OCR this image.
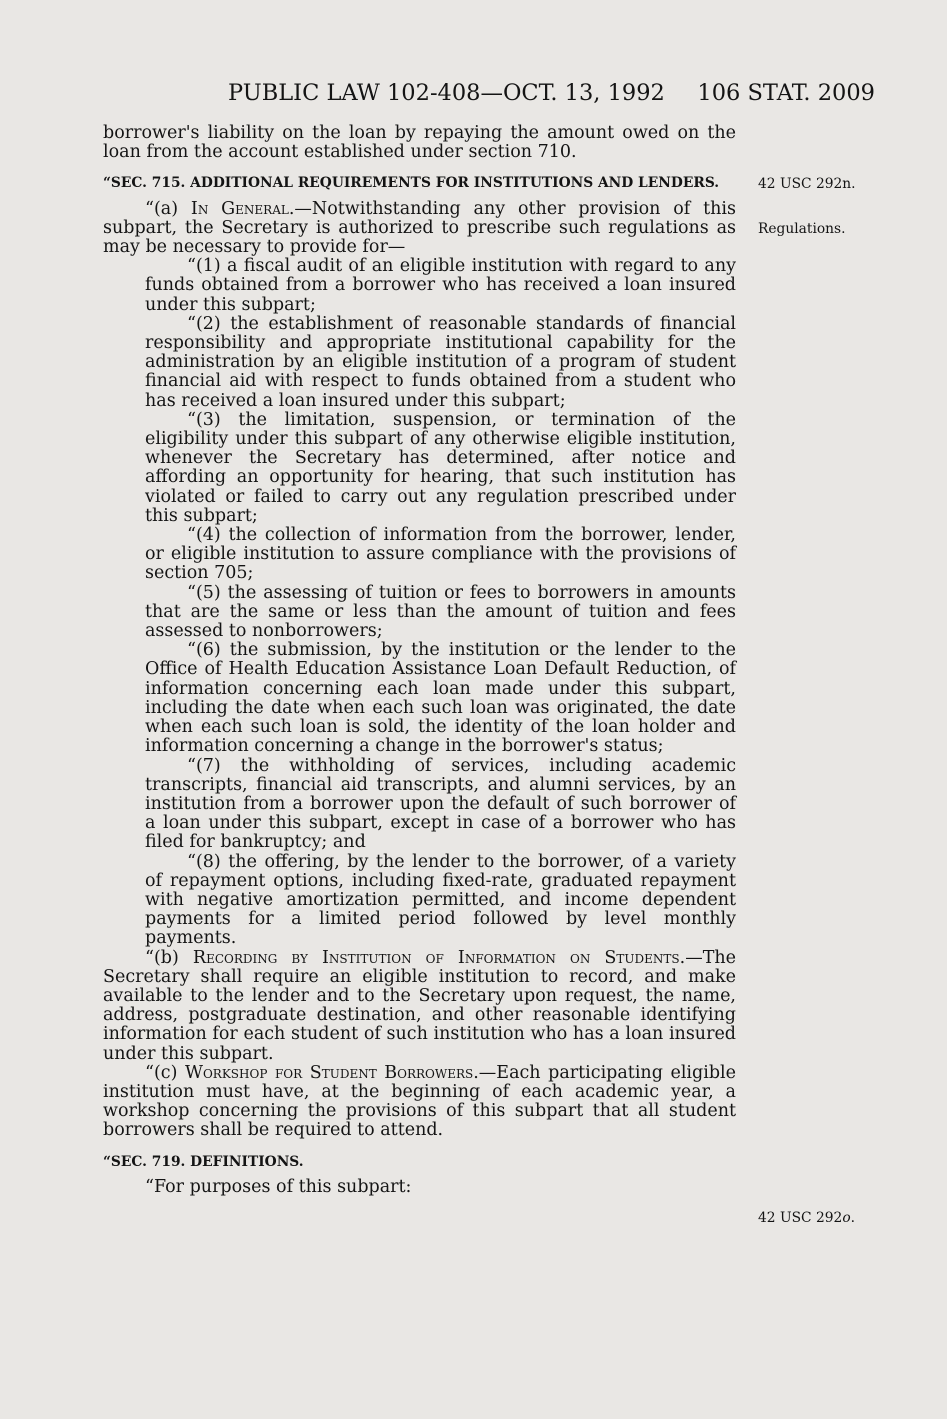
PUBLIC LAW 102-408—OCT. 13, 1992 106 STAT. 2009

borrower's liability on the loan by repaying the amount owed on the loan from the account established under section 710.

“SEC. 715. ADDITIONAL REQUIREMENTS FOR INSTITUTIONS AND LENDERS.

“(a) In General.—Notwithstanding any other provision of this subpart, the Secretary is authorized to prescribe such regulations as may be necessary to provide for—

“(1) a fiscal audit of an eligible institution with regard to any funds obtained from a borrower who has received a loan insured under this subpart;

“(2) the establishment of reasonable standards of financial responsibility and appropriate institutional capability for the administration by an eligible institution of a program of student financial aid with respect to funds obtained from a student who has received a loan insured under this subpart;

“(3) the limitation, suspension, or termination of the eligibility under this subpart of any otherwise eligible institution, whenever the Secretary has determined, after notice and affording an opportunity for hearing, that such institution has violated or failed to carry out any regulation prescribed under this subpart;

“(4) the collection of information from the borrower, lender, or eligible institution to assure compliance with the provisions of section 705;

“(5) the assessing of tuition or fees to borrowers in amounts that are the same or less than the amount of tuition and fees assessed to nonborrowers;

“(6) the submission, by the institution or the lender to the Office of Health Education Assistance Loan Default Reduction, of information concerning each loan made under this subpart, including the date when each such loan was originated, the date when each such loan is sold, the identity of the loan holder and information concerning a change in the borrower's status;

“(7) the withholding of services, including academic transcripts, financial aid transcripts, and alumni services, by an institution from a borrower upon the default of such borrower of a loan under this subpart, except in case of a borrower who has filed for bankruptcy; and

“(8) the offering, by the lender to the borrower, of a variety of repayment options, including fixed-rate, graduated repayment with negative amortization permitted, and income dependent payments for a limited period followed by level monthly payments.

“(b) Recording by Institution of Information on Students.—The Secretary shall require an eligible institution to record, and make available to the lender and to the Secretary upon request, the name, address, postgraduate destination, and other reasonable identifying information for each student of such institution who has a loan insured under this subpart.

“(c) Workshop for Student Borrowers.—Each participating eligible institution must have, at the beginning of each academic year, a workshop concerning the provisions of this subpart that all student borrowers shall be required to attend.

“SEC. 719. DEFINITIONS.

“For purposes of this subpart:

42 USC 292n.
Regulations.
42 USC 292o.
